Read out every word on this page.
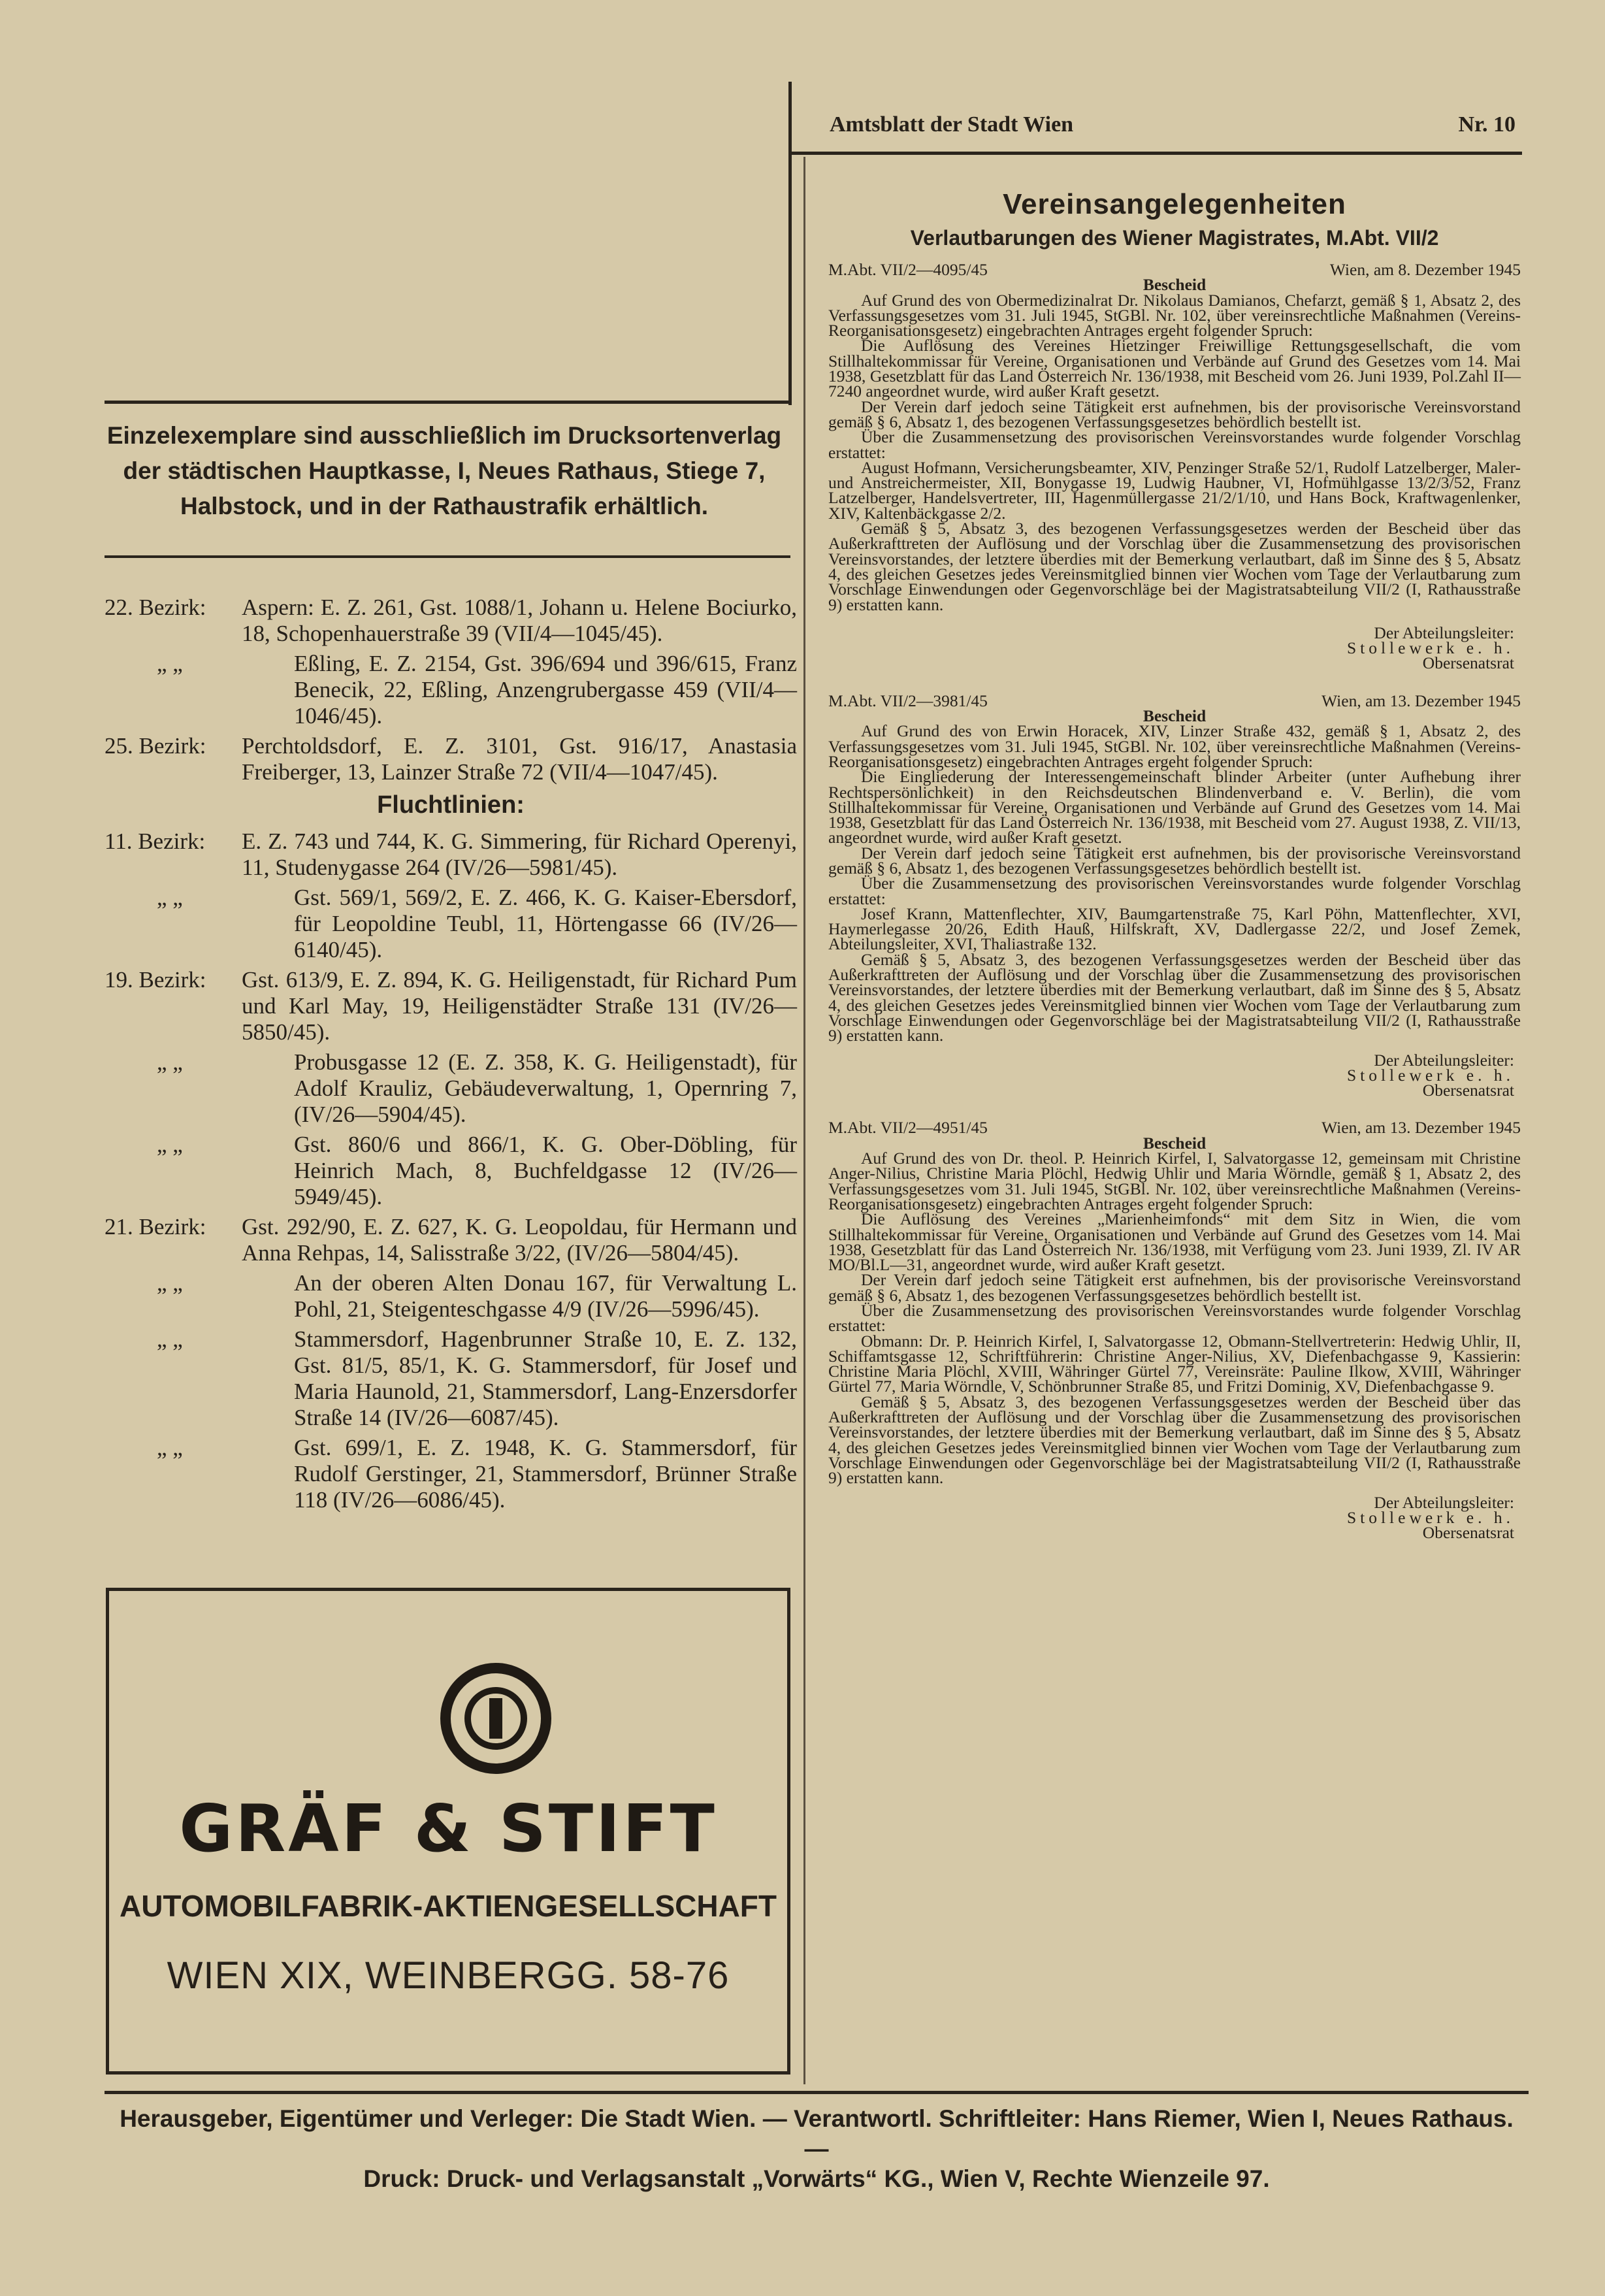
Amtsblatt der Stadt Wien	Nr. 10
Einzelexemplare sind ausschließlich im Drucksortenverlag der städtischen Hauptkasse, I, Neues Rathaus, Stiege 7, Halbstock, und in der Rathaustrafik erhältlich.
22. Bezirk:	Aspern: E. Z. 261, Gst. 1088/1, Johann u. Helene Bociurko, 18, Schopenhauerstraße 39 (VII/4—1045/45).
„ „	Eßling, E. Z. 2154, Gst. 396/694 und 396/615, Franz Benecik, 22, Eßling, Anzengrubergasse 459 (VII/4—1046/45).
25. Bezirk:	Perchtoldsdorf, E. Z. 3101, Gst. 916/17, Anastasia Freiberger, 13, Lainzer Straße 72 (VII/4—1047/45).
Fluchtlinien:
11. Bezirk:	E. Z. 743 und 744, K. G. Simmering, für Richard Operenyi, 11, Studenygasse 264 (IV/26—5981/45).
„ „	Gst. 569/1, 569/2, E. Z. 466, K. G. Kaiser-Ebersdorf, für Leopoldine Teubl, 11, Hörtengasse 66 (IV/26—6140/45).
19. Bezirk:	Gst. 613/9, E. Z. 894, K. G. Heiligenstadt, für Richard Pum und Karl May, 19, Heiligenstädter Straße 131 (IV/26—5850/45).
„ „	Probusgasse 12 (E. Z. 358, K. G. Heiligenstadt), für Adolf Krauliz, Gebäudeverwaltung, 1, Opernring 7, (IV/26—5904/45).
„ „	Gst. 860/6 und 866/1, K. G. Ober-Döbling, für Heinrich Mach, 8, Buchfeldgasse 12 (IV/26—5949/45).
21. Bezirk:	Gst. 292/90, E. Z. 627, K. G. Leopoldau, für Hermann und Anna Rehpas, 14, Salisstraße 3/22, (IV/26—5804/45).
„ „	An der oberen Alten Donau 167, für Verwaltung L. Pohl, 21, Steigenteschgasse 4/9 (IV/26—5996/45).
„ „	Stammersdorf, Hagenbrunner Straße 10, E. Z. 132, Gst. 81/5, 85/1, K. G. Stammersdorf, für Josef und Maria Haunold, 21, Stammersdorf, Lang-Enzersdorfer Straße 14 (IV/26—6087/45).
„ „	Gst. 699/1, E. Z. 1948, K. G. Stammersdorf, für Rudolf Gerstinger, 21, Stammersdorf, Brünner Straße 118 (IV/26—6086/45).
GRÄF & STIFT
AUTOMOBILFABRIK-AKTIENGESELLSCHAFT
WIEN XIX, WEINBERGG. 58-76
Vereinsangelegenheiten
Verlautbarungen des Wiener Magistrates, M.Abt. VII/2
M.Abt. VII/2—4095/45	Wien, am 8. Dezember 1945
Bescheid

Auf Grund des von Obermedizinalrat Dr. Nikolaus Damianos, Chefarzt, gemäß § 1, Absatz 2, des Verfassungsgesetzes vom 31. Juli 1945, StGBl. Nr. 102, über vereinsrechtliche Maßnahmen (Vereins-Reorganisationsgesetz) eingebrachten Antrages ergeht folgender Spruch:

Die Auflösung des Vereines Hietzinger Freiwillige Rettungsgesellschaft, die vom Stillhaltekommissar für Vereine, Organisationen und Verbände auf Grund des Gesetzes vom 14. Mai 1938, Gesetzblatt für das Land Österreich Nr. 136/1938, mit Bescheid vom 26. Juni 1939, Pol.Zahl II—7240 angeordnet wurde, wird außer Kraft gesetzt.

Der Verein darf jedoch seine Tätigkeit erst aufnehmen, bis der provisorische Vereinsvorstand gemäß § 6, Absatz 1, des bezogenen Verfassungsgesetzes behördlich bestellt ist.

Über die Zusammensetzung des provisorischen Vereinsvorstandes wurde folgender Vorschlag erstattet:

August Hofmann, Versicherungsbeamter, XIV, Penzinger Straße 52/1, Rudolf Latzelberger, Maler- und Anstreichermeister, XII, Bonygasse 19, Ludwig Haubner, VI, Hofmühlgasse 13/2/3/52, Franz Latzelberger, Handelsvertreter, III, Hagenmüllergasse 21/2/1/10, und Hans Bock, Kraftwagenlenker, XIV, Kaltenbäckgasse 2/2.

Gemäß § 5, Absatz 3, des bezogenen Verfassungsgesetzes werden der Bescheid über das Außerkrafttreten der Auflösung und der Vorschlag über die Zusammensetzung des provisorischen Vereinsvorstandes, der letztere überdies mit der Bemerkung verlautbart, daß im Sinne des § 5, Absatz 4, des gleichen Gesetzes jedes Vereinsmitglied binnen vier Wochen vom Tage der Verlautbarung zum Vorschlage Einwendungen oder Gegenvorschläge bei der Magistratsabteilung VII/2 (I, Rathausstraße 9) erstatten kann.

Der Abteilungsleiter:
Stollewerk e. h.
Obersenatsrat
M.Abt. VII/2—3981/45	Wien, am 13. Dezember 1945
Bescheid

Auf Grund des von Erwin Horacek, XIV, Linzer Straße 432, gemäß § 1, Absatz 2, des Verfassungsgesetzes vom 31. Juli 1945, StGBl. Nr. 102, über vereinsrechtliche Maßnahmen (Vereins-Reorganisationsgesetz) eingebrachten Antrages ergeht folgender Spruch:

Die Eingliederung der Interessengemeinschaft blinder Arbeiter (unter Aufhebung ihrer Rechtspersönlichkeit) in den Reichsdeutschen Blindenverband e. V. Berlin), die vom Stillhaltekommissar für Vereine, Organisationen und Verbände auf Grund des Gesetzes vom 14. Mai 1938, Gesetzblatt für das Land Österreich Nr. 136/1938, mit Bescheid vom 27. August 1938, Z. VII/13, angeordnet wurde, wird außer Kraft gesetzt.

Der Verein darf jedoch seine Tätigkeit erst aufnehmen, bis der provisorische Vereinsvorstand gemäß § 6, Absatz 1, des bezogenen Verfassungsgesetzes behördlich bestellt ist.

Über die Zusammensetzung des provisorischen Vereinsvorstandes wurde folgender Vorschlag erstattet:

Josef Krann, Mattenflechter, XIV, Baumgartenstraße 75, Karl Pöhn, Mattenflechter, XVI, Haymerlegasse 20/26, Edith Hauß, Hilfskraft, XV, Dadlergasse 22/2, und Josef Zemek, Abteilungsleiter, XVI, Thaliastraße 132.

Gemäß § 5, Absatz 3, des bezogenen Verfassungsgesetzes werden der Bescheid über das Außerkrafttreten der Auflösung und der Vorschlag über die Zusammensetzung des provisorischen Vereinsvorstandes, der letztere überdies mit der Bemerkung verlautbart, daß im Sinne des § 5, Absatz 4, des gleichen Gesetzes jedes Vereinsmitglied binnen vier Wochen vom Tage der Verlautbarung zum Vorschlage Einwendungen oder Gegenvorschläge bei der Magistratsabteilung VII/2 (I, Rathausstraße 9) erstatten kann.

Der Abteilungsleiter:
Stollewerk e. h.
Obersenatsrat
M.Abt. VII/2—4951/45	Wien, am 13. Dezember 1945
Bescheid

Auf Grund des von Dr. theol. P. Heinrich Kirfel, I, Salvatorgasse 12, gemeinsam mit Christine Anger-Nilius, Christine Maria Plöchl, Hedwig Uhlir und Maria Wörndle, gemäß § 1, Absatz 2, des Verfassungsgesetzes vom 31. Juli 1945, StGBl. Nr. 102, über vereinsrechtliche Maßnahmen (Vereins-Reorganisationsgesetz) eingebrachten Antrages ergeht folgender Spruch:

Die Auflösung des Vereines „Marienheimfonds“ mit dem Sitz in Wien, die vom Stillhaltekommissar für Vereine, Organisationen und Verbände auf Grund des Gesetzes vom 14. Mai 1938, Gesetzblatt für das Land Österreich Nr. 136/1938, mit Verfügung vom 23. Juni 1939, Zl. IV AR MO/Bl.L—31, angeordnet wurde, wird außer Kraft gesetzt.

Der Verein darf jedoch seine Tätigkeit erst aufnehmen, bis der provisorische Vereinsvorstand gemäß § 6, Absatz 1, des bezogenen Verfassungsgesetzes behördlich bestellt ist.

Über die Zusammensetzung des provisorischen Vereinsvorstandes wurde folgender Vorschlag erstattet:

Obmann: Dr. P. Heinrich Kirfel, I, Salvatorgasse 12, Obmann-Stellvertreterin: Hedwig Uhlir, II, Schiffamtsgasse 12, Schriftführerin: Christine Anger-Nilius, XV, Diefenbachgasse 9, Kassierin: Christine Maria Plöchl, XVIII, Währinger Gürtel 77, Vereinsräte: Pauline Ilkow, XVIII, Währinger Gürtel 77, Maria Wörndle, V, Schönbrunner Straße 85, und Fritzi Dominig, XV, Diefenbachgasse 9.

Gemäß § 5, Absatz 3, des bezogenen Verfassungsgesetzes werden der Bescheid über das Außerkrafttreten der Auflösung und der Vorschlag über die Zusammensetzung des provisorischen Vereinsvorstandes, der letztere überdies mit der Bemerkung verlautbart, daß im Sinne des § 5, Absatz 4, des gleichen Gesetzes jedes Vereinsmitglied binnen vier Wochen vom Tage der Verlautbarung zum Vorschlage Einwendungen oder Gegenvorschläge bei der Magistratsabteilung VII/2 (I, Rathausstraße 9) erstatten kann.

Der Abteilungsleiter:
Stollewerk e. h.
Obersenatsrat
Herausgeber, Eigentümer und Verleger: Die Stadt Wien. — Verantwortl. Schriftleiter: Hans Riemer, Wien I, Neues Rathaus. —
Druck: Druck- und Verlagsanstalt „Vorwärts“ KG., Wien V, Rechte Wienzeile 97.
